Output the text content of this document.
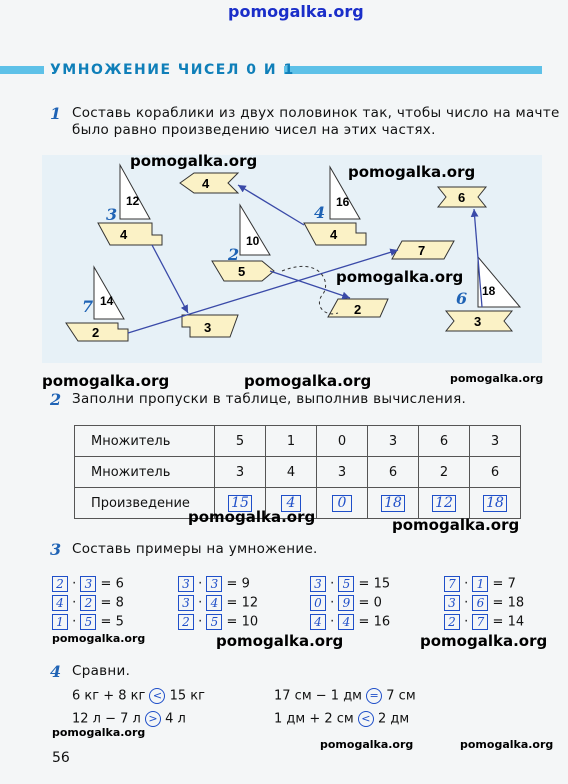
pomogalka.org
УМНОЖЕНИЕ ЧИСЕЛ 0 И 1
1 Составь кораблики из двух половинок так, чтобы число на мачте
было равно произведению чисел на этих частях.
12
10
16
14
18
4
4
4
5
2
3
7
2
6
3
3
2
4
7	6
pomogalka.org
pomogalka.org
pomogalka.org
pomogalka.org	pomogalka.org	pomogalka.org
2 Заполни пропуски в таблице, выполнив вычисления.
Множитель	5	1	0	3	6	3
Множитель	3	4	3	6	2	6
Произведение	15	4	0	18	12	18
pomogalka.org	pomogalka.org
3 Составь примеры на умножение.
2 · 3 = 6
4 · 2 = 8
1 · 5 = 5
3 · 3 = 9
3 · 4 = 12
2 · 5 = 10
3 · 5 = 15
0 · 9 = 0
4 · 4 = 16
7 · 1 = 7
3 · 6 = 18
2 · 7 = 14
pomogalka.org	pomogalka.org	pomogalka.org
4 Сравни.
6 кг + 8 кг < 15 кг	17 см − 1 дм = 7 см
12 л − 7 л > 4 л	1 дм + 2 см < 2 дм
pomogalka.org
pomogalka.org	pomogalka.org
56
